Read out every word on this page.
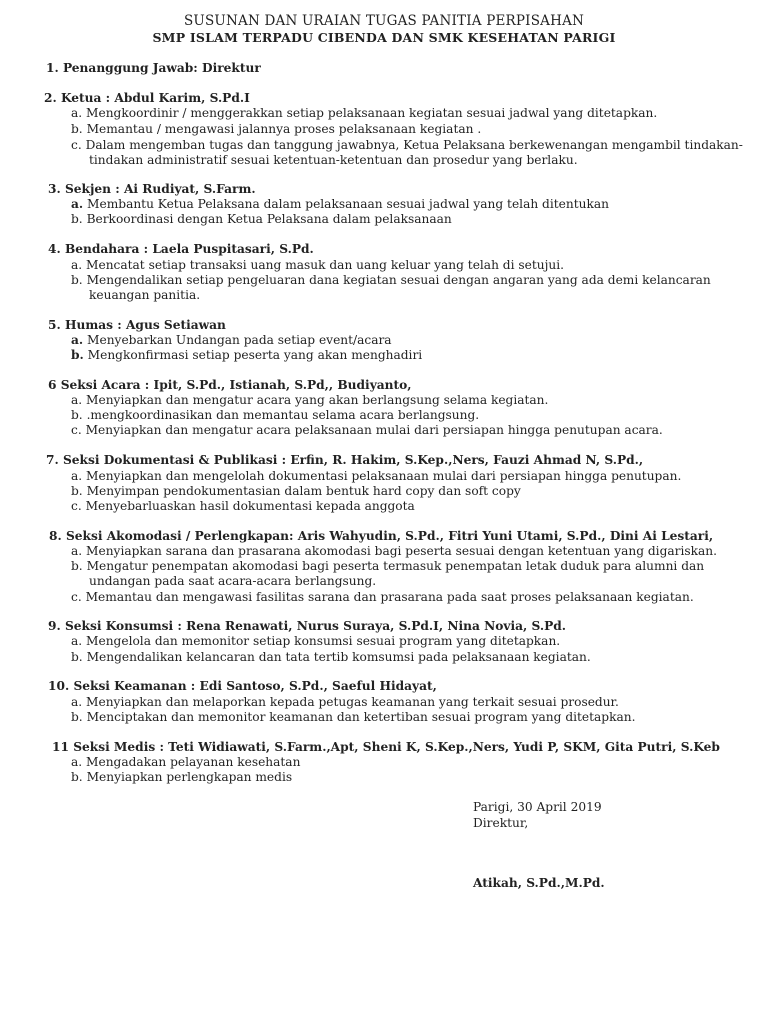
SUSUNAN DAN URAIAN TUGAS PANITIA PERPISAHAN
SMP ISLAM TERPADU CIBENDA DAN SMK KESEHATAN PARIGI
1. Penanggung Jawab: Direktur
2. Ketua : Abdul Karim, S.Pd.I
a. Mengkoordinir / menggerakkan setiap pelaksanaan kegiatan sesuai jadwal yang ditetapkan.
b. Memantau / mengawasi jalannya proses pelaksanaan kegiatan .
c. Dalam mengemban tugas dan tanggung jawabnya, Ketua Pelaksana berkewenangan mengambil tindakan-
tindakan administratif sesuai ketentuan-ketentuan dan prosedur yang berlaku.
3. Sekjen : Ai Rudiyat, S.Farm.
a. Membantu Ketua Pelaksana dalam pelaksanaan sesuai jadwal yang telah ditentukan
b. Berkoordinasi dengan Ketua Pelaksana dalam pelaksanaan
4. Bendahara : Laela Puspitasari, S.Pd.
a. Mencatat setiap transaksi uang masuk dan uang keluar yang telah di setujui.
b. Mengendalikan setiap pengeluaran dana kegiatan sesuai dengan angaran yang ada demi kelancaran
keuangan panitia.
5. Humas : Agus Setiawan
a. Menyebarkan Undangan pada setiap event/acara
b. Mengkonfirmasi setiap peserta yang akan menghadiri
6 Seksi Acara : Ipit, S.Pd., Istianah, S.Pd,, Budiyanto,
a. Menyiapkan dan mengatur acara yang akan berlangsung selama kegiatan.
b. .mengkoordinasikan dan memantau selama acara berlangsung.
c. Menyiapkan dan mengatur acara pelaksanaan mulai dari persiapan hingga penutupan acara.
7. Seksi Dokumentasi & Publikasi : Erfin, R. Hakim, S.Kep.,Ners, Fauzi Ahmad N, S.Pd.,
a. Menyiapkan dan mengelolah dokumentasi pelaksanaan mulai dari persiapan hingga penutupan.
b. Menyimpan pendokumentasian dalam bentuk hard copy dan soft copy
c. Menyebarluaskan hasil dokumentasi kepada anggota
8. Seksi Akomodasi / Perlengkapan: Aris Wahyudin, S.Pd., Fitri Yuni Utami, S.Pd., Dini Ai Lestari,
a. Menyiapkan sarana dan prasarana akomodasi bagi peserta sesuai dengan ketentuan yang digariskan.
b. Mengatur penempatan akomodasi bagi peserta termasuk penempatan letak duduk para alumni dan
undangan pada saat acara-acara berlangsung.
c. Memantau dan mengawasi fasilitas sarana dan prasarana pada saat proses pelaksanaan kegiatan.
9. Seksi Konsumsi : Rena Renawati, Nurus Suraya, S.Pd.I, Nina Novia, S.Pd.
a. Mengelola dan memonitor setiap konsumsi sesuai program yang ditetapkan.
b. Mengendalikan kelancaran dan tata tertib komsumsi pada pelaksanaan kegiatan.
10. Seksi Keamanan : Edi Santoso, S.Pd., Saeful Hidayat,
a. Menyiapkan dan melaporkan kepada petugas keamanan yang terkait sesuai prosedur.
b. Menciptakan dan memonitor keamanan dan ketertiban sesuai program yang ditetapkan.
11 Seksi Medis : Teti Widiawati, S.Farm.,Apt, Sheni K, S.Kep.,Ners, Yudi P, SKM, Gita Putri, S.Keb
a. Mengadakan pelayanan kesehatan
b. Menyiapkan perlengkapan medis
Parigi, 30 April 2019
Direktur,
Atikah, S.Pd.,M.Pd.
